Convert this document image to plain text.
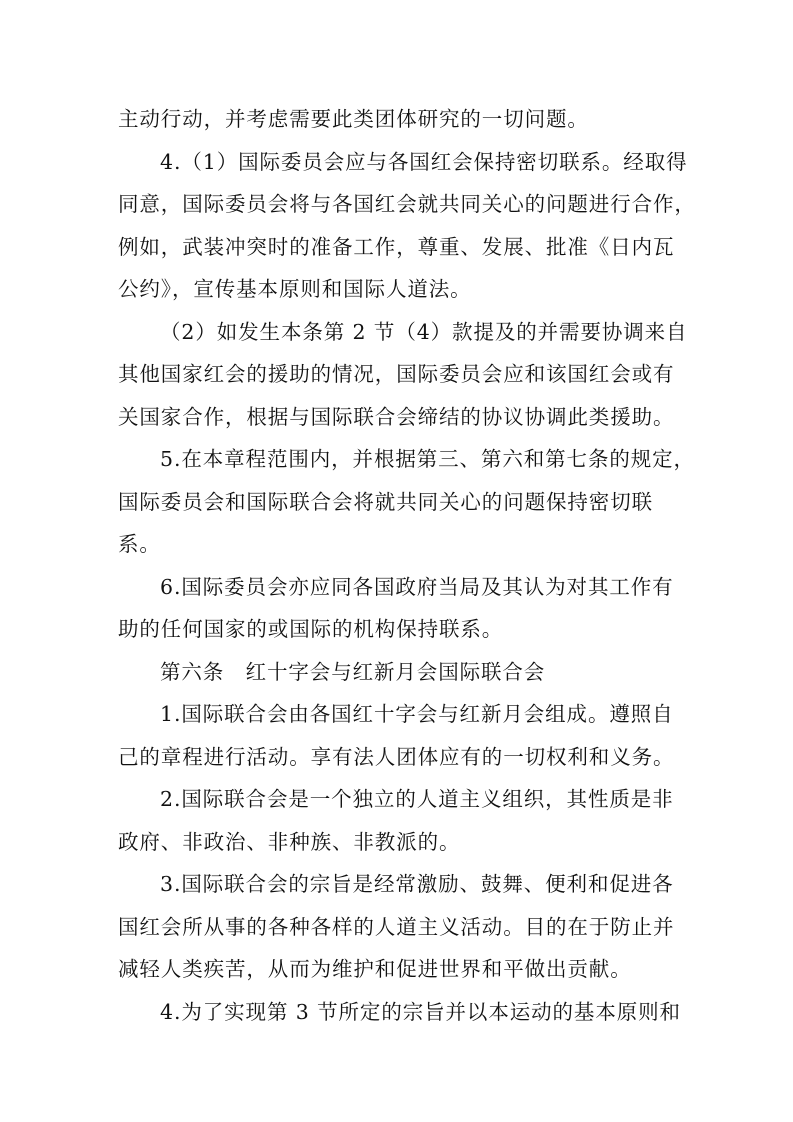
主动行动，并考虑需要此类团体研究的一切问题。
4.（1）国际委员会应与各国红会保持密切联系。经取得
同意，国际委员会将与各国红会就共同关心的问题进行合作，
例如，武装冲突时的准备工作，尊重、发展、批准《日内瓦
公约》，宣传基本原则和国际人道法。
（2）如发生本条第 2 节（4）款提及的并需要协调来自
其他国家红会的援助的情况，国际委员会应和该国红会或有
关国家合作，根据与国际联合会缔结的协议协调此类援助。
5.在本章程范围内，并根据第三、第六和第七条的规定，
国际委员会和国际联合会将就共同关心的问题保持密切联
系。
6.国际委员会亦应同各国政府当局及其认为对其工作有
助的任何国家的或国际的机构保持联系。
第六条　红十字会与红新月会国际联合会
1.国际联合会由各国红十字会与红新月会组成。遵照自
己的章程进行活动。享有法人团体应有的一切权利和义务。
2.国际联合会是一个独立的人道主义组织，其性质是非
政府、非政治、非种族、非教派的。
3.国际联合会的宗旨是经常激励、鼓舞、便利和促进各
国红会所从事的各种各样的人道主义活动。目的在于防止并
减轻人类疾苦，从而为维护和促进世界和平做出贡献。
4.为了实现第 3 节所定的宗旨并以本运动的基本原则和
